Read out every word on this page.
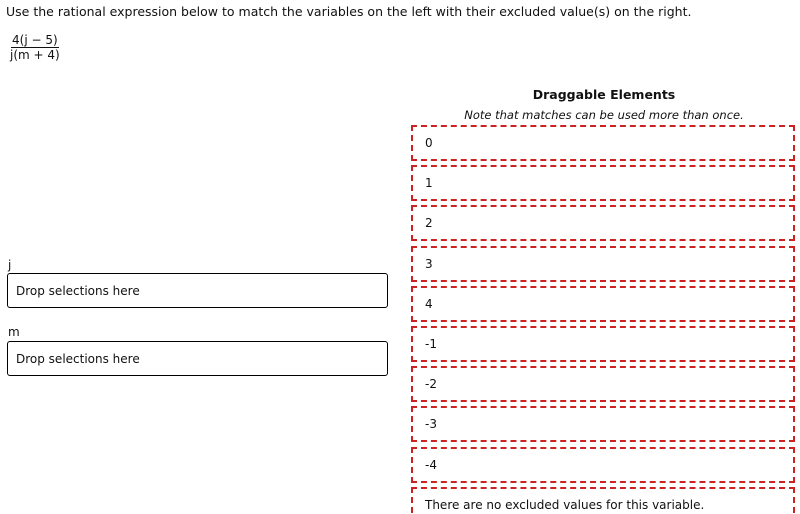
Use the rational expression below to match the variables on the left with their excluded value(s) on the right.
$\frac{4(j - 5)}{j(m + 4)}$
j
Drop selections here
m
Drop selections here
Draggable Elements
Note that matches can be used more than once.
0
1
2
3
4
-1
-2
-3
-4
There are no excluded values for this variable.
